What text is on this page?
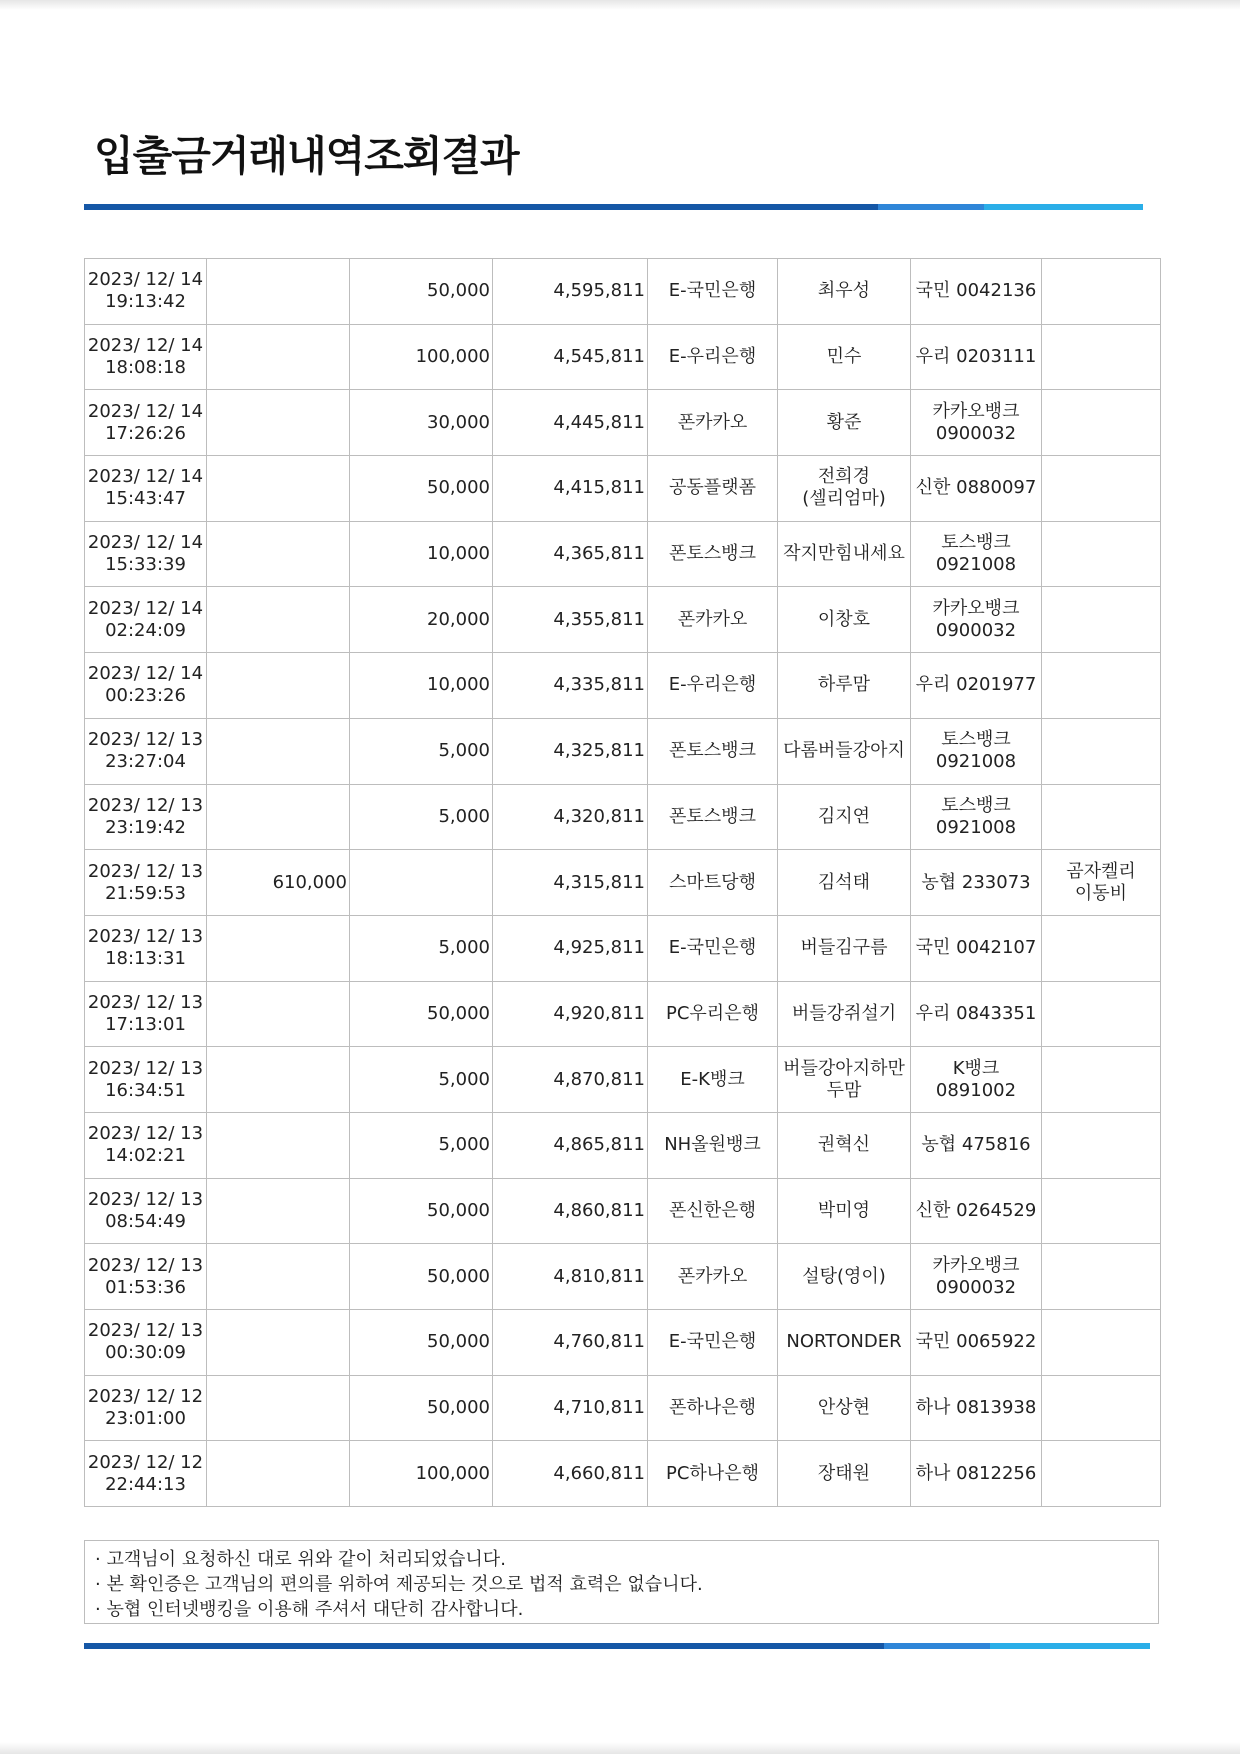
입출금거래내역조회결과
2023/ 12/ 14
19:13:42		50,000	4,595,811	E-국민은행	최우성	국민 0042136	

2023/ 12/ 14
18:08:18		100,000	4,545,811	E-우리은행	민수	우리 0203111	

2023/ 12/ 14
17:26:26		30,000	4,445,811	폰카카오	황준	카카오뱅크 0900032	

2023/ 12/ 14
15:43:47		50,000	4,415,811	공동플랫폼	전희경(셀리엄마)	신한 0880097	

2023/ 12/ 14
15:33:39		10,000	4,365,811	폰토스뱅크	작지만힘내세요	토스뱅크 0921008	

2023/ 12/ 14
02:24:09		20,000	4,355,811	폰카카오	이창호	카카오뱅크 0900032	

2023/ 12/ 14
00:23:26		10,000	4,335,811	E-우리은행	하루맘	우리 0201977	

2023/ 12/ 13
23:27:04		5,000	4,325,811	폰토스뱅크	다롬버들강아지	토스뱅크 0921008	

2023/ 12/ 13
23:19:42		5,000	4,320,811	폰토스뱅크	김지연	토스뱅크 0921008	

2023/ 12/ 13
21:59:53	610,000		4,315,811	스마트당행	김석태	농협 233073	곰자켈리 이동비

2023/ 12/ 13
18:13:31		5,000	4,925,811	E-국민은행	버들김구름	국민 0042107	

2023/ 12/ 13
17:13:01		50,000	4,920,811	PC우리은행	버들강쥐설기	우리 0843351	

2023/ 12/ 13
16:34:51		5,000	4,870,811	E-K뱅크	버들강아지하만두맘	K뱅크 0891002	

2023/ 12/ 13
14:02:21		5,000	4,865,811	NH올원뱅크	권혁신	농협 475816	

2023/ 12/ 13
08:54:49		50,000	4,860,811	폰신한은행	박미영	신한 0264529	

2023/ 12/ 13
01:53:36		50,000	4,810,811	폰카카오	설탕(영이)	카카오뱅크 0900032	

2023/ 12/ 13
00:30:09		50,000	4,760,811	E-국민은행	NORTONDER	국민 0065922	

2023/ 12/ 12
23:01:00		50,000	4,710,811	폰하나은행	안상현	하나 0813938	

2023/ 12/ 12
22:44:13		100,000	4,660,811	PC하나은행	장태원	하나 0812256	

· 고객님이 요청하신 대로 위와 같이 처리되었습니다.

· 본 확인증은 고객님의 편의를 위하여 제공되는 것으로 법적 효력은 없습니다.

· 농협 인터넷뱅킹을 이용해 주셔서 대단히 감사합니다.
